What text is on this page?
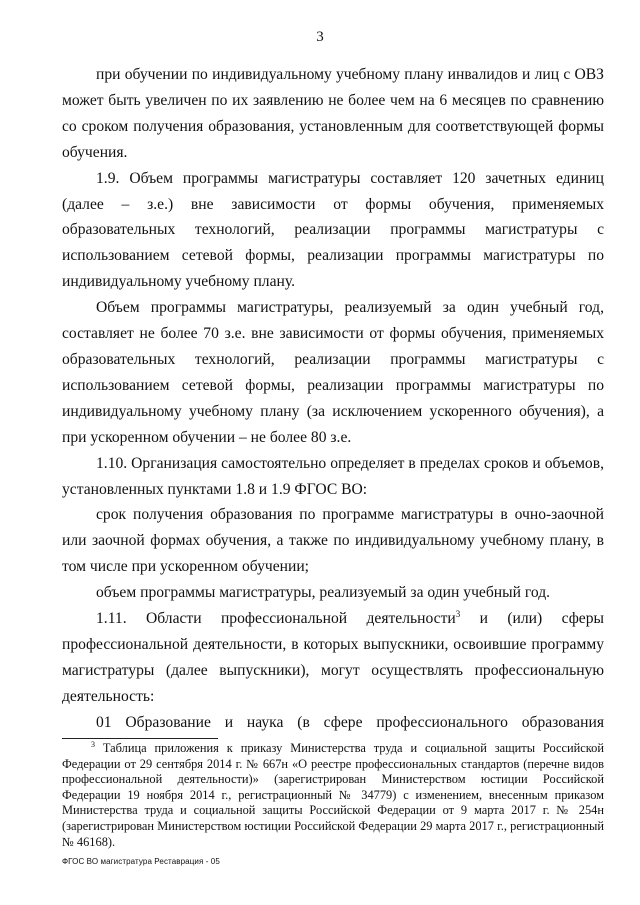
3

при обучении по индивидуальному учебному плану инвалидов и лиц с ОВЗ может быть увеличен по их заявлению не более чем на 6 месяцев по сравнению со сроком получения образования, установленным для соответствующей формы обучения.

1.9. Объем программы магистратуры составляет 120 зачетных единиц (далее – з.е.) вне зависимости от формы обучения, применяемых образовательных технологий, реализации программы магистратуры с использованием сетевой формы, реализации программы магистратуры по индивидуальному учебному плану.

Объем программы магистратуры, реализуемый за один учебный год, составляет не более 70 з.е. вне зависимости от формы обучения, применяемых образовательных технологий, реализации программы магистратуры с использованием сетевой формы, реализации программы магистратуры по индивидуальному учебному плану (за исключением ускоренного обучения), а при ускоренном обучении – не более 80 з.е.

1.10. Организация самостоятельно определяет в пределах сроков и объемов, установленных пунктами 1.8 и 1.9 ФГОС ВО:

срок получения образования по программе магистратуры в очно-заочной или заочной формах обучения, а также по индивидуальному учебному плану, в том числе при ускоренном обучении;

объем программы магистратуры, реализуемый за один учебный год.

1.11. Области профессиональной деятельности$^3$ и (или) сферы профессиональной деятельности, в которых выпускники, освоившие программу магистратуры (далее выпускники), могут осуществлять профессиональную деятельность:

01 Образование и наука (в сфере профессионального образования

$^3$ Таблица приложения к приказу Министерства труда и социальной защиты Российской Федерации от 29 сентября 2014 г. № 667н «О реестре профессиональных стандартов (перечне видов профессиональной деятельности)» (зарегистрирован Министерством юстиции Российской Федерации 19 ноября 2014 г., регистрационный № 34779) с изменением, внесенным приказом Министерства труда и социальной защиты Российской Федерации от 9 марта 2017 г. № 254н (зарегистрирован Министерством юстиции Российской Федерации 29 марта 2017 г., регистрационный № 46168).

ФГОС ВО магистратура Реставрация - 05
